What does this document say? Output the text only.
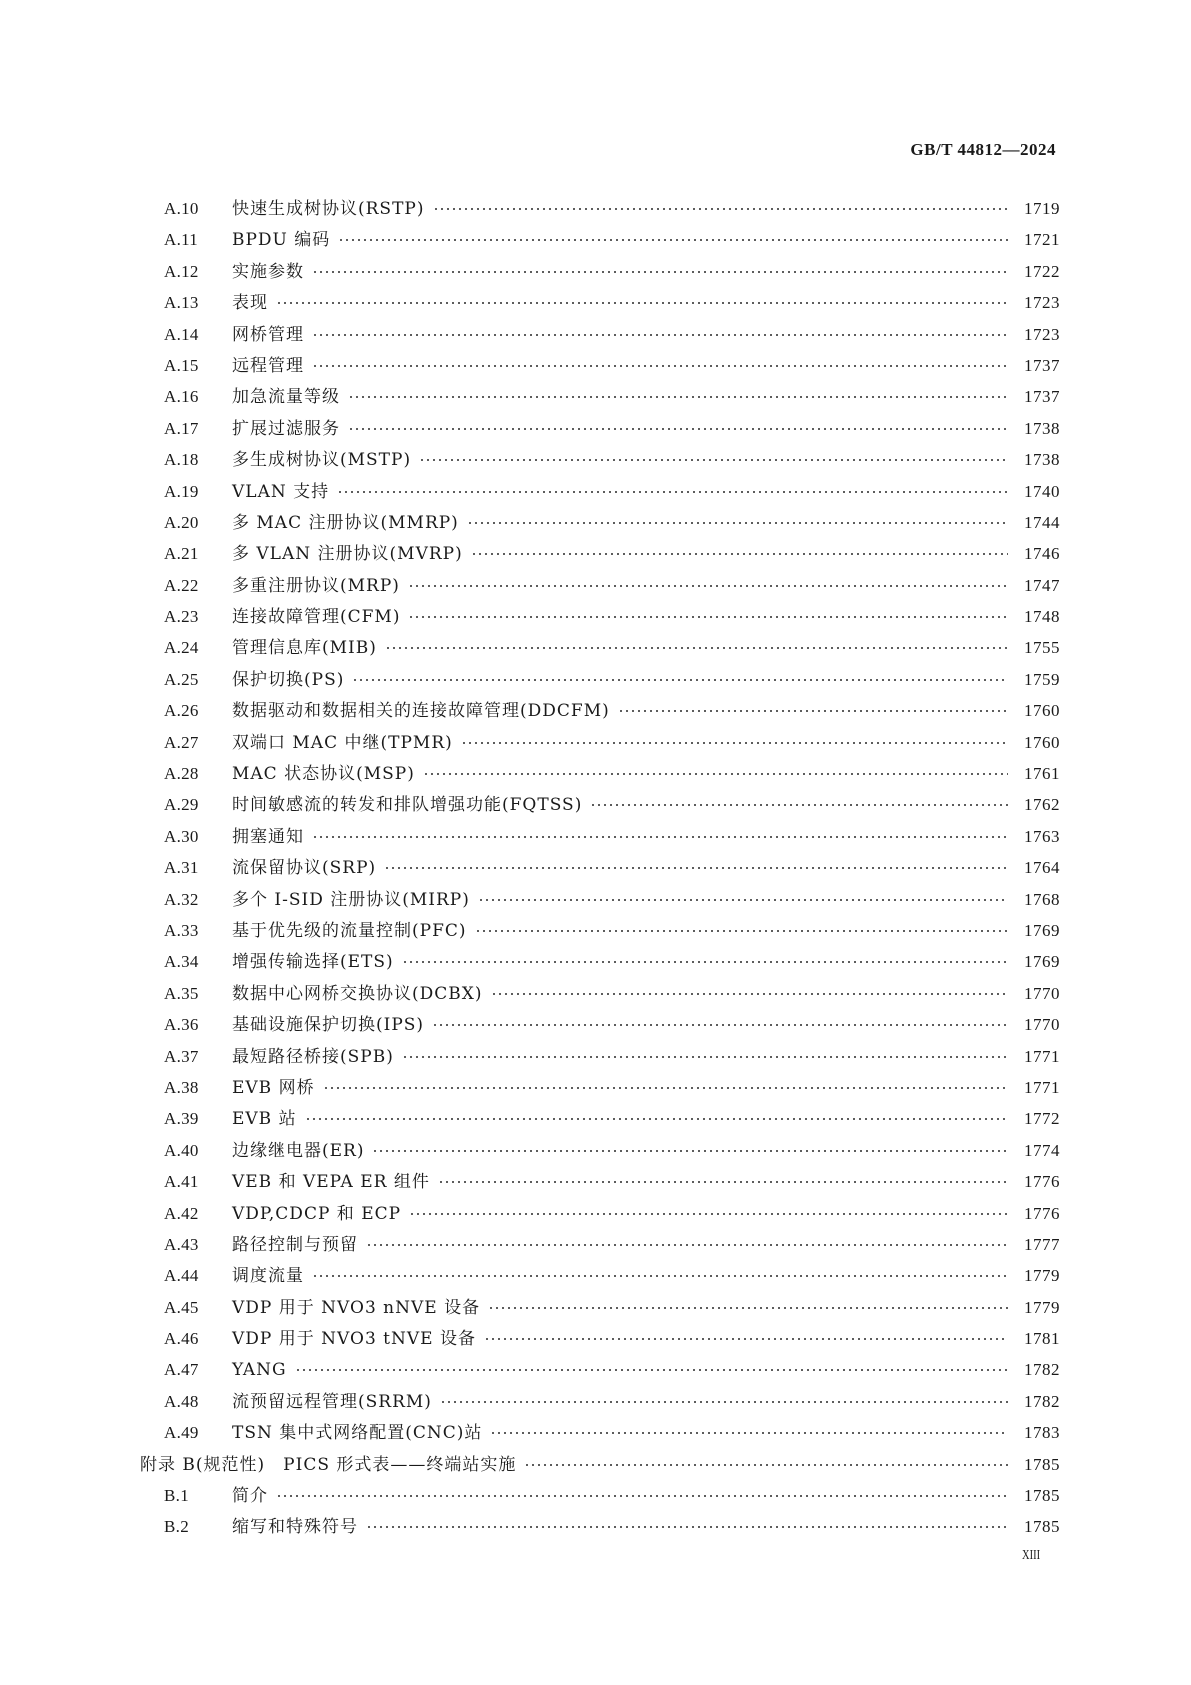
GB/T 44812—2024
A.10	快速生成树协议(RSTP)	1719
A.11	BPDU 编码	1721
A.12	实施参数	1722
A.13	表现	1723
A.14	网桥管理	1723
A.15	远程管理	1737
A.16	加急流量等级	1737
A.17	扩展过滤服务	1738
A.18	多生成树协议(MSTP)	1738
A.19	VLAN 支持	1740
A.20	多 MAC 注册协议(MMRP)	1744
A.21	多 VLAN 注册协议(MVRP)	1746
A.22	多重注册协议(MRP)	1747
A.23	连接故障管理(CFM)	1748
A.24	管理信息库(MIB)	1755
A.25	保护切换(PS)	1759
A.26	数据驱动和数据相关的连接故障管理(DDCFM)	1760
A.27	双端口 MAC 中继(TPMR)	1760
A.28	MAC 状态协议(MSP)	1761
A.29	时间敏感流的转发和排队增强功能(FQTSS)	1762
A.30	拥塞通知	1763
A.31	流保留协议(SRP)	1764
A.32	多个 I-SID 注册协议(MIRP)	1768
A.33	基于优先级的流量控制(PFC)	1769
A.34	增强传输选择(ETS)	1769
A.35	数据中心网桥交换协议(DCBX)	1770
A.36	基础设施保护切换(IPS)	1770
A.37	最短路径桥接(SPB)	1771
A.38	EVB 网桥	1771
A.39	EVB 站	1772
A.40	边缘继电器(ER)	1774
A.41	VEB 和 VEPA ER 组件	1776
A.42	VDP,CDCP 和 ECP	1776
A.43	路径控制与预留	1777
A.44	调度流量	1779
A.45	VDP 用于 NVO3 nNVE 设备	1779
A.46	VDP 用于 NVO3 tNVE 设备	1781
A.47	YANG	1782
A.48	流预留远程管理(SRRM)	1782
A.49	TSN 集中式网络配置(CNC)站	1783
附录 B(规范性)　PICS 形式表——终端站实施	1785
B.1	简介	1785
B.2	缩写和特殊符号	1785
XIII
